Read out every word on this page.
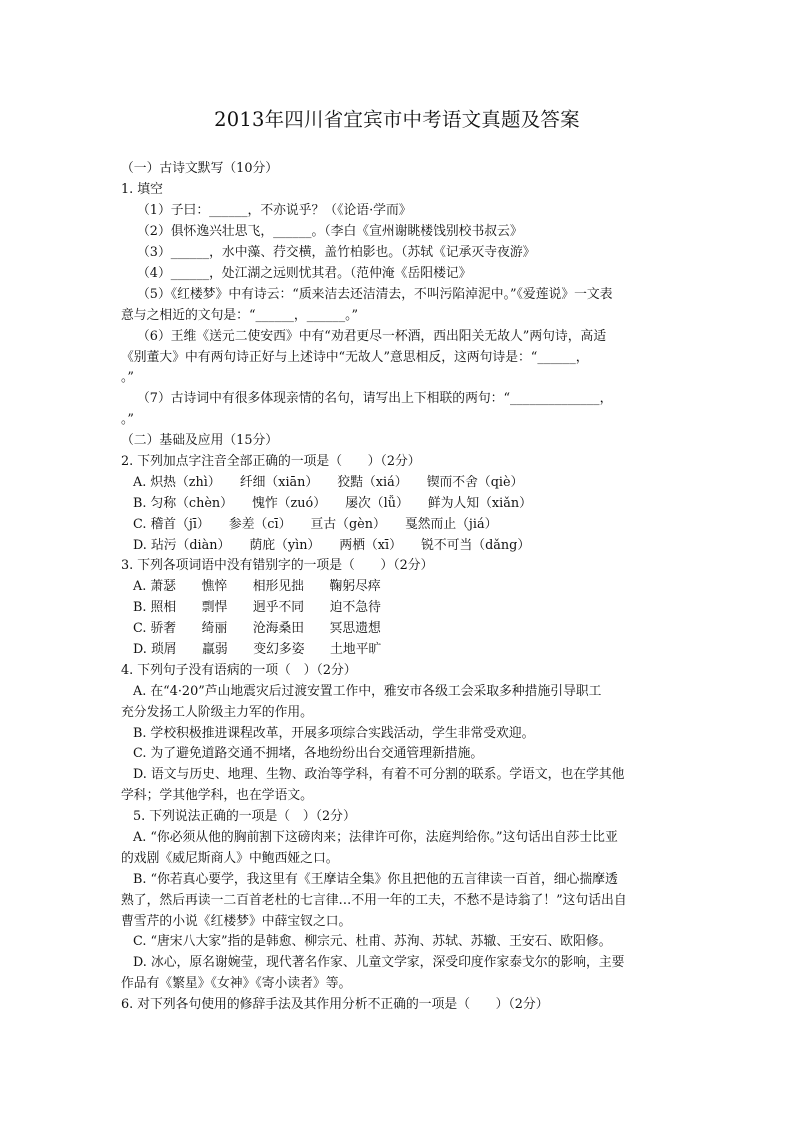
2013年四川省宜宾市中考语文真题及答案
（一）古诗文默写（10分）
1. 填空
（1）子曰：______，不亦说乎？（《论语·学而》
（2）俱怀逸兴壮思飞，______。（李白《宣州谢眺楼饯别校书叔云》
（3）______，水中藻、荇交横，盖竹柏影也。（苏轼《记承灭寺夜游》
（4）______，处江湖之远则忧其君。（范仲淹《岳阳楼记》
（5）《红楼梦》中有诗云：“质来洁去还洁清去，不叫污陷淖泥中。”《爱莲说》一文表
意与之相近的文句是：“______，______。”
（6）王维《送元二使安西》中有“劝君更尽一杯酒，西出阳关无故人”两句诗，高适
《别董大》中有两句诗正好与上述诗中“无故人”意思相反，这两句诗是：“______，
。”
（7）古诗词中有很多体现亲情的名句，请写出上下相联的两句：“______________，
。”
（二）基础及应用（15分）
2. 下列加点字注音全部正确的一项是（　　）（2分）
A. 炽热（zhì）　　纤细（xiān）　　狡黠（xiá）　　锲而不舍（qiè）
B. 匀称（chèn）　　愧怍（zuó）　　屡次（lǚ）　　鲜为人知（xiǎn）
C. 稽首（jī）　　参差（cī）　　亘古（gèn）　　戛然而止（jiá）
D. 玷污（diàn）　　荫庇（yìn）　　两栖（xī）　　锐不可当（dǎng）
3. 下列各项词语中没有错别字的一项是（　　）（2分）
A. 萧瑟　　憔悴　　相形见拙　　鞠躬尽瘁
B. 照相　　剽悍　　迥乎不同　　迫不急待
C. 骄奢　　绮丽　　沧海桑田　　冥思遗想
D. 琐屑　　羸弱　　变幻多姿　　土地平旷
4. 下列句子没有语病的一项（　）（2分）
A. 在“4·20”芦山地震灾后过渡安置工作中，雅安市各级工会采取多种措施引导职工
充分发扬工人阶级主力军的作用。
B. 学校积极推进课程改革，开展多项综合实践活动，学生非常受欢迎。
C. 为了避免道路交通不拥堵，各地纷纷出台交通管理新措施。
D. 语文与历史、地理、生物、政治等学科，有着不可分割的联系。学语文，也在学其他
学科；学其他学科，也在学语文。
5. 下列说法正确的一项是（　）（2分）
A. “你必须从他的胸前割下这磅肉来；法律许可你，法庭判给你。”这句话出自莎士比亚
的戏剧《威尼斯商人》中鲍西娅之口。
B. “你若真心要学，我这里有《王摩诘全集》你且把他的五言律读一百首，细心揣摩透
熟了，然后再读一二百首老杜的七言律…不用一年的工夫，不愁不是诗翁了！”这句话出自
曹雪芹的小说《红楼梦》中薛宝钗之口。
C. “唐宋八大家”指的是韩愈、柳宗元、杜甫、苏洵、苏轼、苏辙、王安石、欧阳修。
D. 冰心，原名谢婉莹，现代著名作家、儿童文学家，深受印度作家泰戈尔的影响，主要
作品有《繁星》《女神》《寄小读者》等。
6. 对下列各句使用的修辞手法及其作用分析不正确的一项是（　　）（2分）
